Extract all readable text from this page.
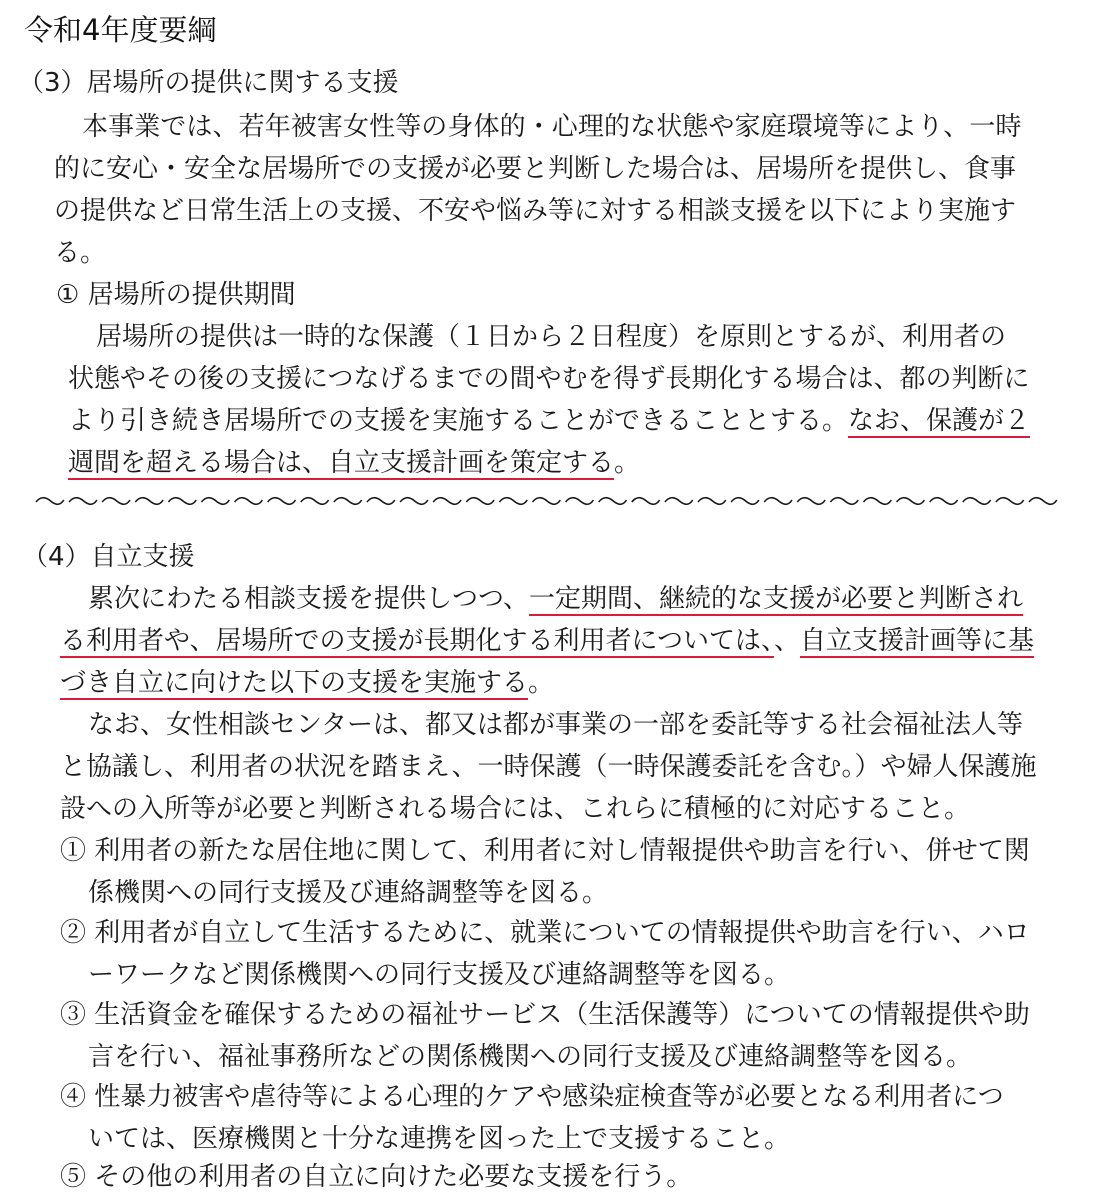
令和4年度要綱
（3）居場所の提供に関する支援
本事業では、若年被害女性等の身体的・心理的な状態や家庭環境等により、一時
的に安心・安全な居場所での支援が必要と判断した場合は、居場所を提供し、食事
の提供など日常生活上の支援、不安や悩み等に対する相談支援を以下により実施す
る。
① 居場所の提供期間
居場所の提供は一時的な保護（１日から２日程度）を原則とするが、利用者の
状態やその後の支援につなげるまでの間やむを得ず長期化する場合は、都の判断に
より引き続き居場所での支援を実施することができることとする。なお、保護が２
週間を超える場合は、自立支援計画を策定する。
（4）自立支援
累次にわたる相談支援を提供しつつ、一定期間、継続的な支援が必要と判断され
る利用者や、居場所での支援が長期化する利用者については、、自立支援計画等に基
づき自立に向けた以下の支援を実施する。
なお、女性相談センターは、都又は都が事業の一部を委託等する社会福祉法人等
と協議し、利用者の状況を踏まえ、一時保護（一時保護委託を含む。）や婦人保護施
設への入所等が必要と判断される場合には、これらに積極的に対応すること。
① 利用者の新たな居住地に関して、利用者に対し情報提供や助言を行い、併せて関
係機関への同行支援及び連絡調整等を図る。
② 利用者が自立して生活するために、就業についての情報提供や助言を行い、ハロ
ーワークなど関係機関への同行支援及び連絡調整等を図る。
③ 生活資金を確保するための福祉サービス（生活保護等）についての情報提供や助
言を行い、福祉事務所などの関係機関への同行支援及び連絡調整等を図る。
④ 性暴力被害や虐待等による心理的ケアや感染症検査等が必要となる利用者につ
いては、医療機関と十分な連携を図った上で支援すること。
⑤ その他の利用者の自立に向けた必要な支援を行う。
